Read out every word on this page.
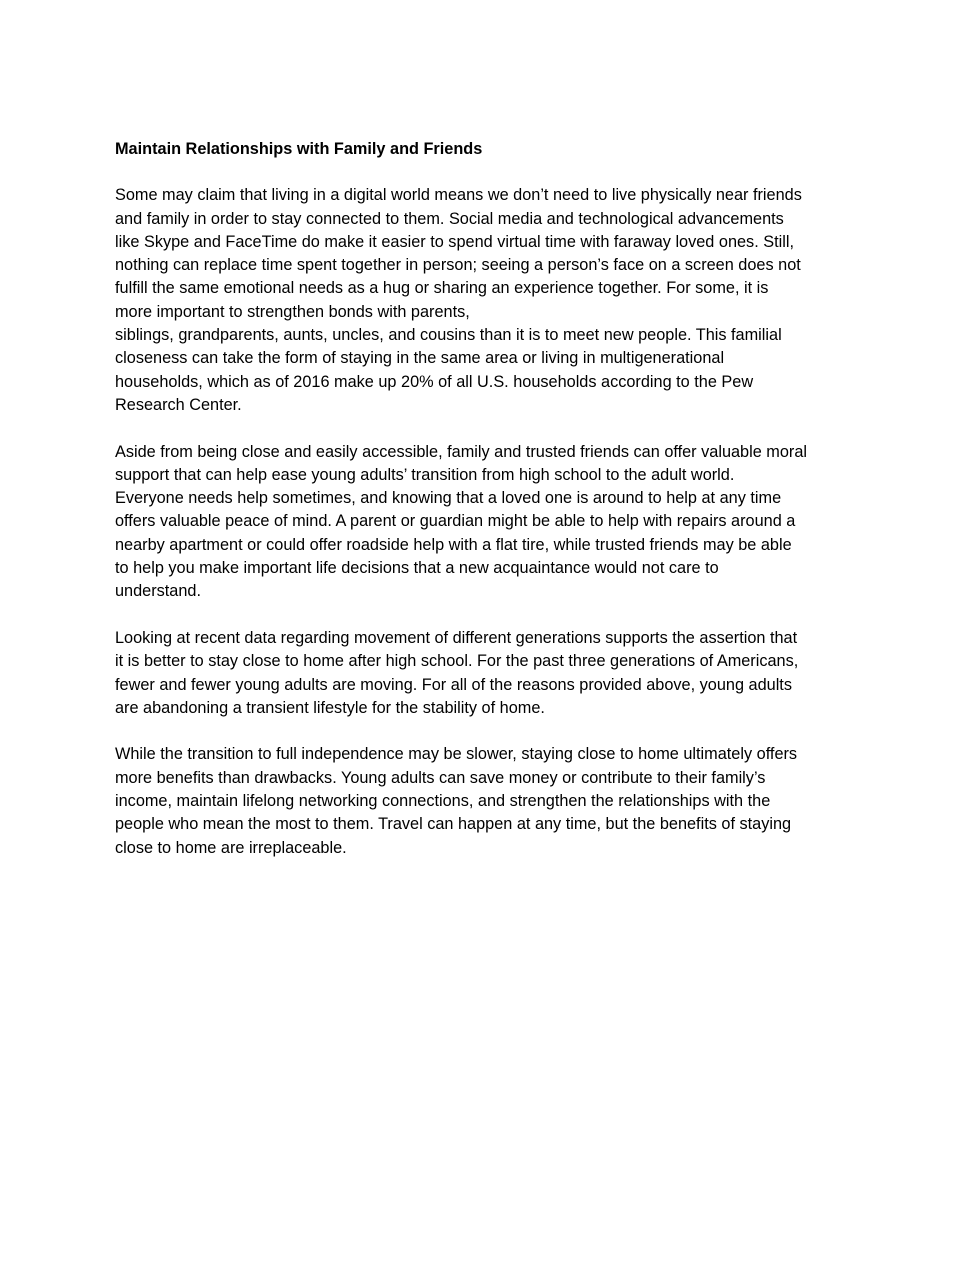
Maintain Relationships with Family and Friends
Some may claim that living in a digital world means we don’t need to live physically near friends
and family in order to stay connected to them. Social media and technological advancements
like Skype and FaceTime do make it easier to spend virtual time with faraway loved ones. Still,
nothing can replace time spent together in person; seeing a person’s face on a screen does not
fulfill the same emotional needs as a hug or sharing an experience together. For some, it is
more important to strengthen bonds with parents,
siblings, grandparents, aunts, uncles, and cousins than it is to meet new people. This familial
closeness can take the form of staying in the same area or living in multigenerational
households, which as of 2016 make up 20% of all U.S. households according to the Pew
Research Center.
Aside from being close and easily accessible, family and trusted friends can offer valuable moral
support that can help ease young adults’ transition from high school to the adult world.
Everyone needs help sometimes, and knowing that a loved one is around to help at any time
offers valuable peace of mind. A parent or guardian might be able to help with repairs around a
nearby apartment or could offer roadside help with a flat tire, while trusted friends may be able
to help you make important life decisions that a new acquaintance would not care to
understand.
Looking at recent data regarding movement of different generations supports the assertion that
it is better to stay close to home after high school. For the past three generations of Americans,
fewer and fewer young adults are moving. For all of the reasons provided above, young adults
are abandoning a transient lifestyle for the stability of home.
While the transition to full independence may be slower, staying close to home ultimately offers
more benefits than drawbacks. Young adults can save money or contribute to their family’s
income, maintain lifelong networking connections, and strengthen the relationships with the
people who mean the most to them. Travel can happen at any time, but the benefits of staying
close to home are irreplaceable.
